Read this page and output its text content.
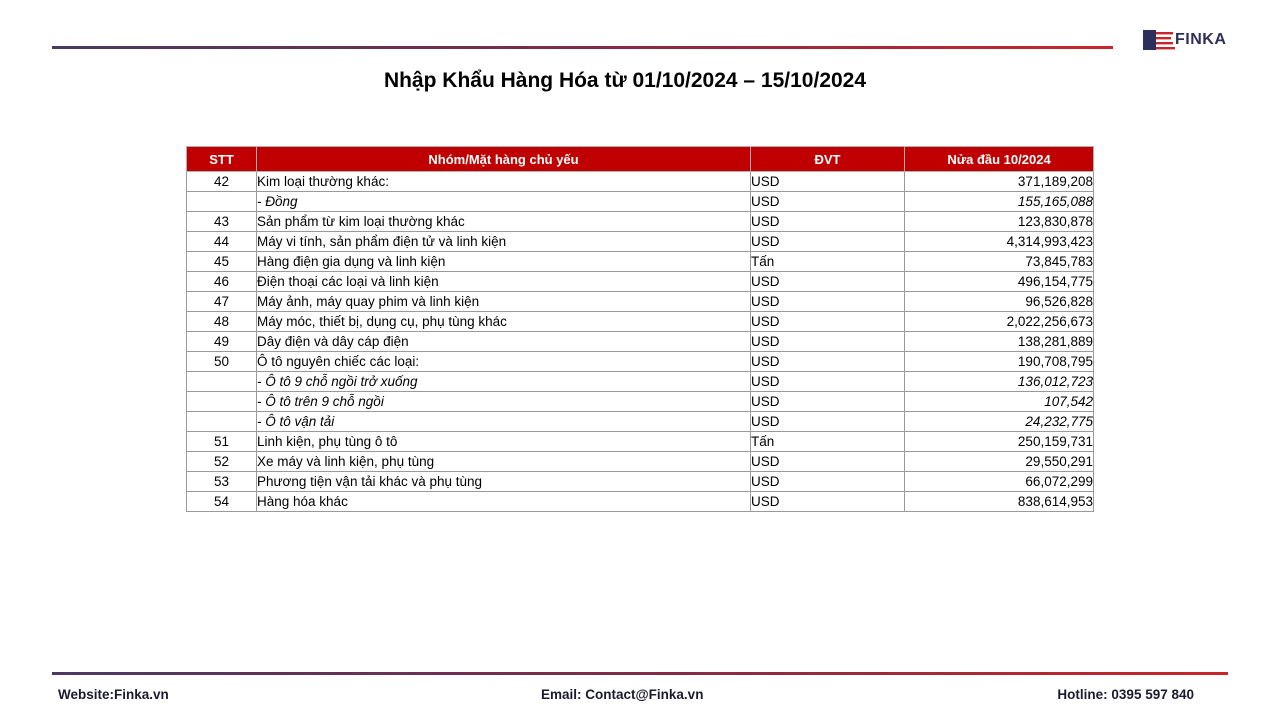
FINKA
Nhập Khẩu Hàng Hóa từ 01/10/2024 – 15/10/2024
STT	Nhóm/Mặt hàng chủ yếu	ĐVT	Nửa đầu 10/2024
42	Kim loại thường khác:	USD	371,189,208
	- Đồng	USD	155,165,088
43	Sản phẩm từ kim loại thường khác	USD	123,830,878
44	Máy vi tính, sản phẩm điện tử và linh kiện	USD	4,314,993,423
45	Hàng điện gia dụng và linh kiện	Tấn	73,845,783
46	Điện thoại các loại và linh kiện	USD	496,154,775
47	Máy ảnh, máy quay phim và linh kiện	USD	96,526,828
48	Máy móc, thiết bị, dụng cụ, phụ tùng khác	USD	2,022,256,673
49	Dây điện và dây cáp điện	USD	138,281,889
50	Ô tô nguyên chiếc các loại:	USD	190,708,795
	- Ô tô 9 chỗ ngồi trở xuống	USD	136,012,723
	- Ô tô trên 9 chỗ ngồi	USD	107,542
	- Ô tô vận tải	USD	24,232,775
51	Linh kiện, phụ tùng ô tô	Tấn	250,159,731
52	Xe máy và linh kiện, phụ tùng	USD	29,550,291
53	Phương tiện vận tải khác và phụ tùng	USD	66,072,299
54	Hàng hóa khác	USD	838,614,953
Website:Finka.vn	Email: Contact@Finka.vn	Hotline: 0395 597 840
